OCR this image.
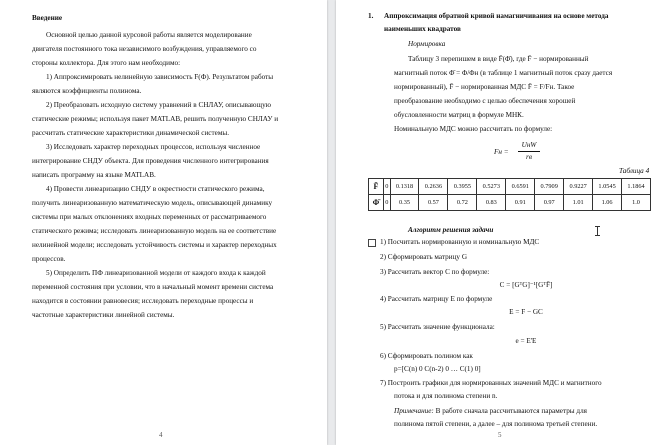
Введение
Основной целью данной курсовой работы является моделирование
двигателя постоянного тока независимого возбуждения, управляемого со
стороны коллектора. Для этого нам необходимо:
1) Аппроксимировать нелинейную зависимость F(Ф). Результатом работы
являются коэффициенты полинома.
2) Преобразовать исходную систему уравнений в СНЛАУ, описывающую
статические режимы; используя пакет MATLAB, решить полученную СНЛАУ и
рассчитать статические характеристики динамической системы.
3) Исследовать характер переходных процессов, используя численное
интегрирование СНДУ объекта. Для проведения численного интегрирования
написать программу на языке MATLAB.
4) Провести линеаризацию СНДУ в окрестности статического режима,
получить линеаризованную математическую модель, описывающей динамику
системы при малых отклонениях входных переменных от рассматриваемого
статического режима; исследовать линеаризованную модель на ее соответствие
нелинейной модели; исследовать устойчивость системы и характер переходных
процессов.
5) Определить ПФ линеаризованной модели от каждого входа к каждой
переменной состояния при условии, что в начальный момент времени система
находится в состоянии равновесия; исследовать переходные процессы и
частотные характеристики линейной системы.
4
1. Аппроксимация обратной кривой намагничивания на основе метода
наименьших квадратов
Нормировка
Таблицу 3 перепишем в виде F̄(Φ̄), где F̄ − нормированный
магнитный поток Φ̄ = Φ/Φн (в таблице 1 магнитный поток сразу дается
нормированный), F̄ − нормированная МДС F̄ = F/Fн. Такое
преобразование необходимо с целью обеспечения хорошей
обусловленности матриц в формуле МНК.
Номинальную МДС можно рассчитать по формуле:
Fн =
UнW
rв
Таблица 4
F̄	0	0.1318	0.2636	0.3955	0.5273	0.6591	0.7909	0.9227	1.0545	1.1864
Φ̄	0	0.35	0.57	0.72	0.83	0.91	0.97	1.01	1.06	1.0
Алгоритм решения задачи
1) Посчитать нормированную и номинальную МДС
2) Сформировать матрицу G
3) Рассчитать вектор C по формуле:
C = [GᵀG]⁻¹[GᵀF̄]
4) Рассчитать матрицу E по формуле
E = F − GC
5) Рассчитать значение функционала:
e = E'E
6) Сформировать полином как
p=[C(n) 0 C(n-2) 0 … C(1) 0]
7) Построить графики для нормированных значений МДС и магнитного
потока и для полинома степени n.
Примечание: В работе сначала рассчитываются параметры для
полинома пятой степени, а далее – для полинома третьей степени.
5
